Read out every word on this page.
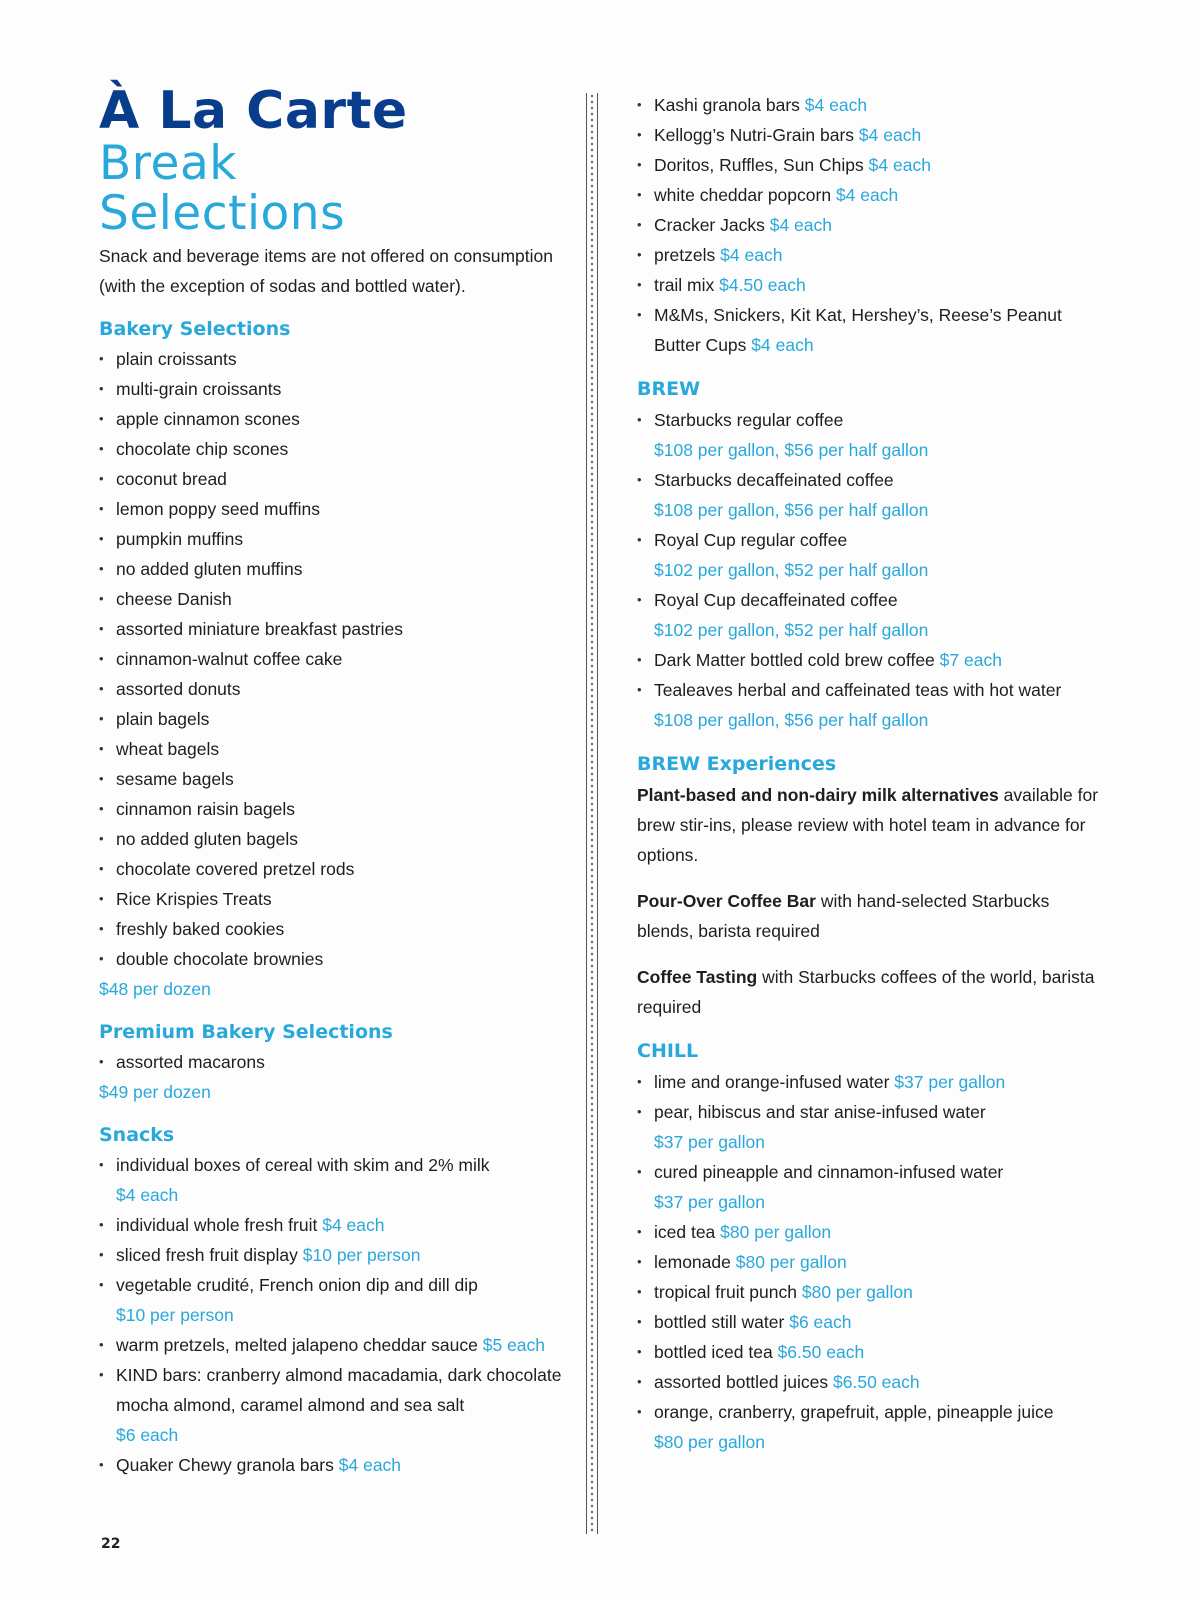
À La Carte
Break
Selections

Snack and beverage items are not offered on consumption (with the exception of sodas and bottled water).

Bakery Selections
• plain croissants
• multi-grain croissants
• apple cinnamon scones
• chocolate chip scones
• coconut bread
• lemon poppy seed muffins
• pumpkin muffins
• no added gluten muffins
• cheese Danish
• assorted miniature breakfast pastries
• cinnamon-walnut coffee cake
• assorted donuts
• plain bagels
• wheat bagels
• sesame bagels
• cinnamon raisin bagels
• no added gluten bagels
• chocolate covered pretzel rods
• Rice Krispies Treats
• freshly baked cookies
• double chocolate brownies

$48 per dozen

Premium Bakery Selections
• assorted macarons

$49 per dozen

Snacks
• individual boxes of cereal with skim and 2% milk
$4 each
• individual whole fresh fruit $4 each
• sliced fresh fruit display $10 per person
• vegetable crudité, French onion dip and dill dip
$10 per person
• warm pretzels, melted jalapeno cheddar sauce $5 each
• KIND bars: cranberry almond macadamia, dark chocolate mocha almond, caramel almond and sea salt
$6 each
• Quaker Chewy granola bars $4 each
• Kashi granola bars $4 each
• Kellogg’s Nutri-Grain bars $4 each
• Doritos, Ruffles, Sun Chips $4 each
• white cheddar popcorn $4 each
• Cracker Jacks $4 each
• pretzels $4 each
• trail mix $4.50 each
• M&Ms, Snickers, Kit Kat, Hershey’s, Reese’s Peanut Butter Cups $4 each
BREW
• Starbucks regular coffee
$108 per gallon, $56 per half gallon
• Starbucks decaffeinated coffee
$108 per gallon, $56 per half gallon
• Royal Cup regular coffee
$102 per gallon, $52 per half gallon
• Royal Cup decaffeinated coffee
$102 per gallon, $52 per half gallon
• Dark Matter bottled cold brew coffee $7 each
• Tealeaves herbal and caffeinated teas with hot water
$108 per gallon, $56 per half gallon
BREW Experiences

Plant-based and non-dairy milk alternatives available for brew stir-ins, please review with hotel team in advance for options.

Pour-Over Coffee Bar with hand-selected Starbucks blends, barista required

Coffee Tasting with Starbucks coffees of the world, barista required

CHILL
• lime and orange-infused water $37 per gallon
• pear, hibiscus and star anise-infused water
$37 per gallon
• cured pineapple and cinnamon-infused water
$37 per gallon
• iced tea $80 per gallon
• lemonade $80 per gallon
• tropical fruit punch $80 per gallon
• bottled still water $6 each
• bottled iced tea $6.50 each
• assorted bottled juices $6.50 each
• orange, cranberry, grapefruit, apple, pineapple juice
$80 per gallon
22
